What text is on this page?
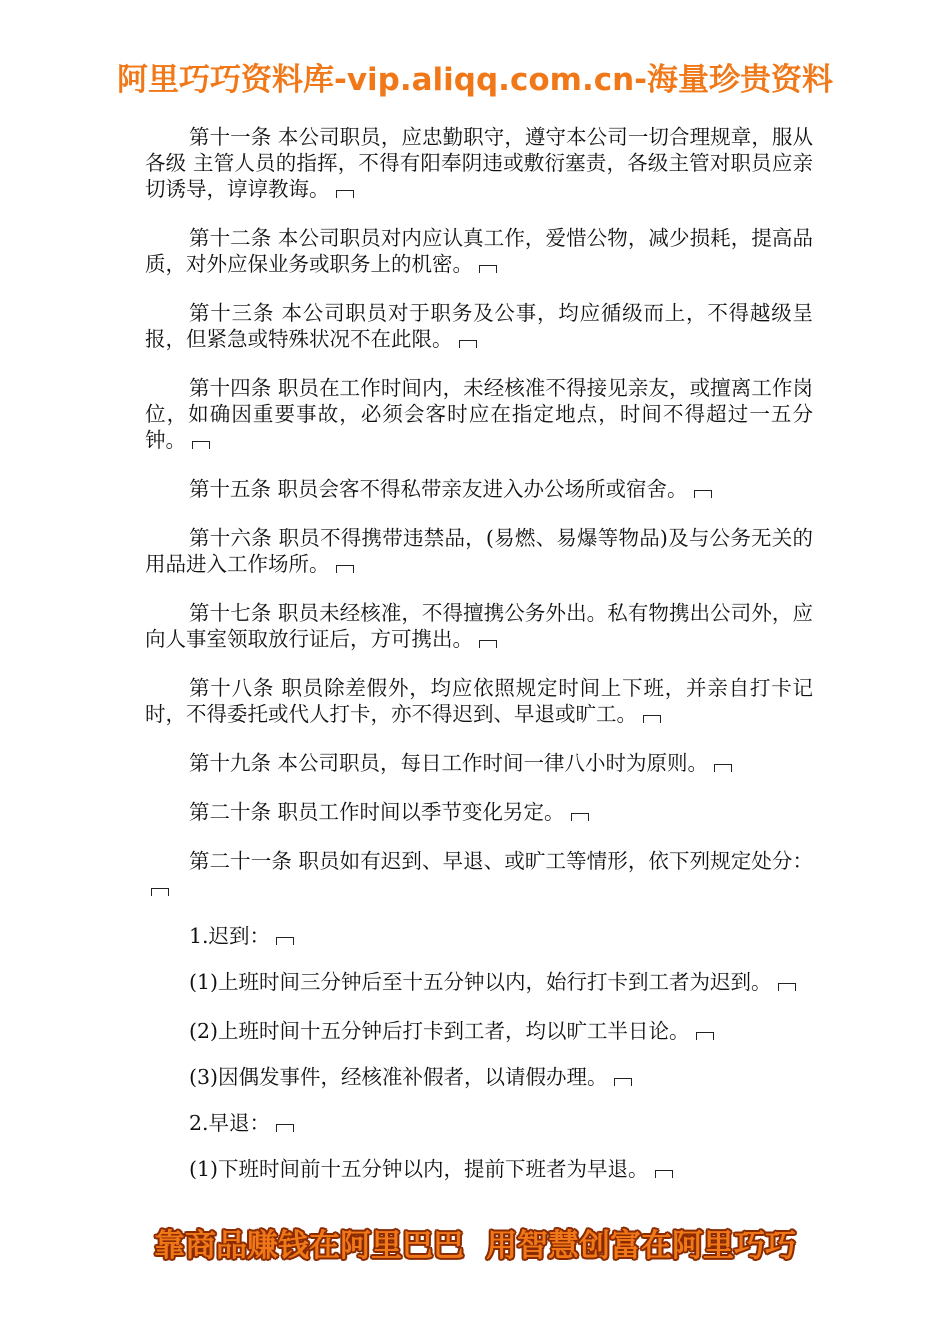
阿里巧巧资料库-vip.aliqq.com.cn-海量珍贵资料

第十一条 本公司职员，应忠勤职守，遵守本公司一切合理规章，服从各级 主管人员的指挥，不得有阳奉阴违或敷衍塞责，各级主管对职员应亲切诱导，谆谆教诲。

第十二条 本公司职员对内应认真工作，爱惜公物，减少损耗，提高品质，对外应保业务或职务上的机密。

第十三条 本公司职员对于职务及公事，均应循级而上，不得越级呈报，但紧急或特殊状况不在此限。

第十四条 职员在工作时间内，未经核准不得接见亲友，或擅离工作岗位，如确因重要事故，必须会客时应在指定地点，时间不得超过一五分钟。

第十五条 职员会客不得私带亲友进入办公场所或宿舍。

第十六条 职员不得携带违禁品，(易燃、易爆等物品)及与公务无关的用品进入工作场所。

第十七条 职员未经核准，不得擅携公务外出。私有物携出公司外，应向人事室领取放行证后，方可携出。

第十八条 职员除差假外，均应依照规定时间上下班，并亲自打卡记时，不得委托或代人打卡，亦不得迟到、早退或旷工。

第十九条 本公司职员，每日工作时间一律八小时为原则。

第二十条 职员工作时间以季节变化另定。

第二十一条 职员如有迟到、早退、或旷工等情形，依下列规定处分：

1.迟到：

(1)上班时间三分钟后至十五分钟以内，始行打卡到工者为迟到。

(2)上班时间十五分钟后打卡到工者，均以旷工半日论。

(3)因偶发事件，经核准补假者，以请假办理。

2.早退：

(1)下班时间前十五分钟以内，提前下班者为早退。

靠商品赚钱在阿里巴巴 用智慧创富在阿里巧巧
